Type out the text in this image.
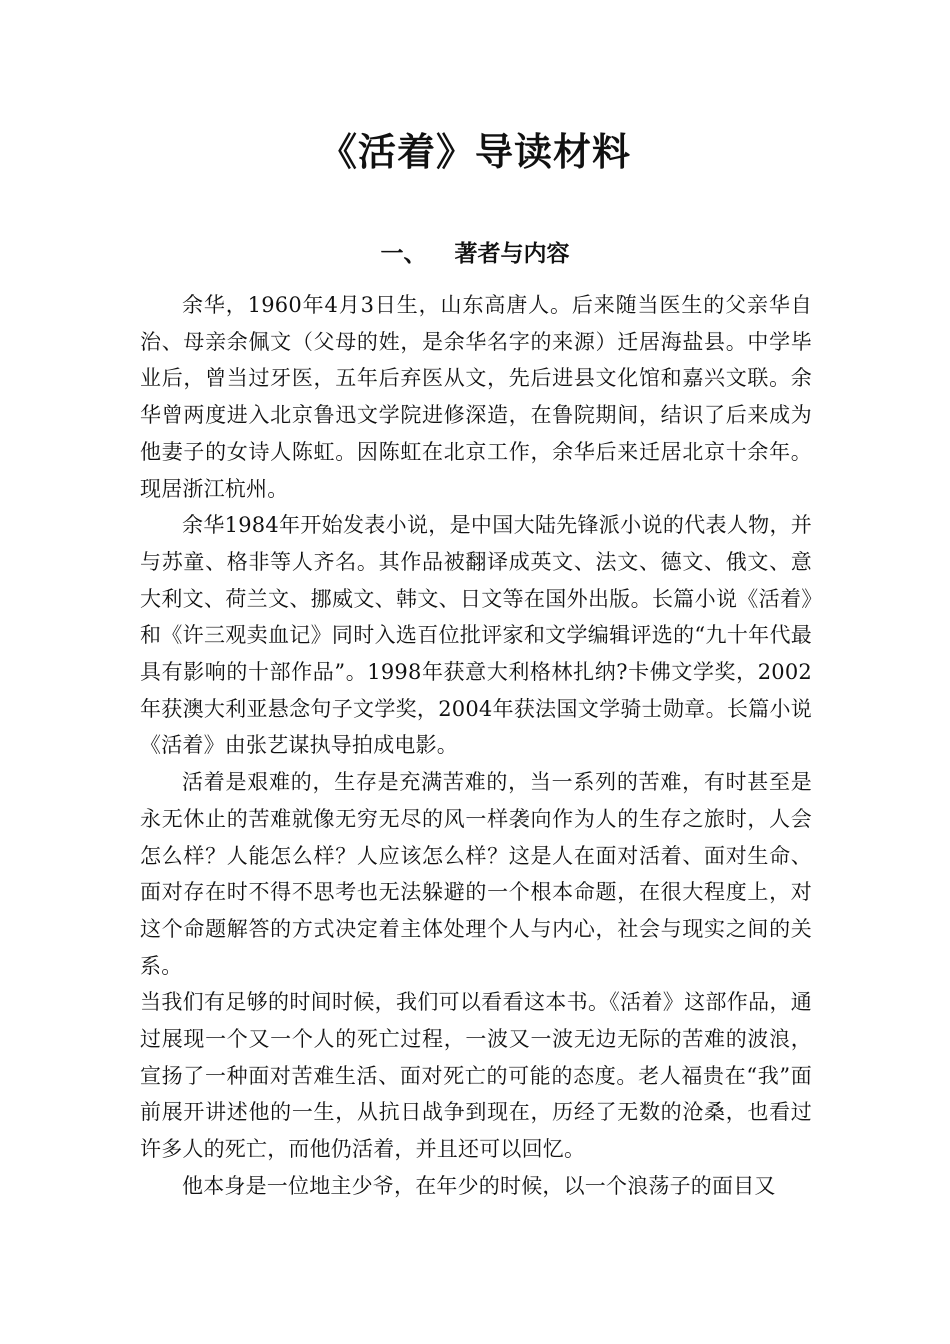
《活着》导读材料
一、 著者与内容

余华，1960年4月3日生，山东高唐人。后来随当医生的父亲华自治、母亲余佩文（父母的姓，是余华名字的来源）迁居海盐县。中学毕业后，曾当过牙医，五年后弃医从文，先后进县文化馆和嘉兴文联。余华曾两度进入北京鲁迅文学院进修深造，在鲁院期间，结识了后来成为他妻子的女诗人陈虹。因陈虹在北京工作，余华后来迁居北京十余年。现居浙江杭州。

余华1984年开始发表小说，是中国大陆先锋派小说的代表人物，并与苏童、格非等人齐名。其作品被翻译成英文、法文、德文、俄文、意大利文、荷兰文、挪威文、韩文、日文等在国外出版。长篇小说《活着》和《许三观卖血记》同时入选百位批评家和文学编辑评选的“九十年代最具有影响的十部作品”。1998年获意大利格林扎纳?卡佛文学奖，2002年获澳大利亚悬念句子文学奖，2004年获法国文学骑士勋章。长篇小说《活着》由张艺谋执导拍成电影。

活着是艰难的，生存是充满苦难的，当一系列的苦难，有时甚至是永无休止的苦难就像无穷无尽的风一样袭向作为人的生存之旅时，人会怎么样？人能怎么样？人应该怎么样？这是人在面对活着、面对生命、面对存在时不得不思考也无法躲避的一个根本命题，在很大程度上，对这个命题解答的方式决定着主体处理个人与内心，社会与现实之间的关系。

当我们有足够的时间时候，我们可以看看这本书。《活着》这部作品，通过展现一个又一个人的死亡过程，一波又一波无边无际的苦难的波浪，宣扬了一种面对苦难生活、面对死亡的可能的态度。老人福贵在“我”面前展开讲述他的一生，从抗日战争到现在，历经了无数的沧桑，也看过许多人的死亡，而他仍活着，并且还可以回忆。

他本身是一位地主少爷，在年少的时候，以一个浪荡子的面目又
